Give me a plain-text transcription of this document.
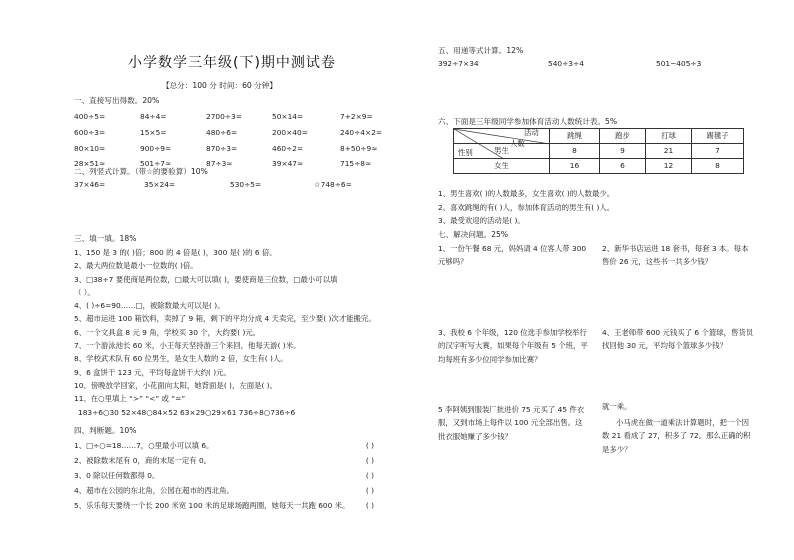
小学数学三年级(下)期中测试卷
【总分：100 分 时间：60 分钟】
一、直接写出得数。20%
400÷5=	84÷4=	2700÷3=	50×14=	7+2×9=
600÷3=	15×5=	480÷6=	200×40=	240÷4×2=
80×10=	900÷9=	870÷3=	460÷2=	8+50÷9≈
28×51≈	501÷7≈	87÷3≈	39×47≈	715÷8≈
二、列竖式计算。（带☆的要验算）10%
37×46=	35×24=	530÷5=	☆748÷6=
三、填一填。18%
1、150 是 3 的( )倍；800 的 4 倍是( )，300 是( )的 6 倍。
2、最大两位数是最小一位数的( )倍。
3、□38÷7 要使商是两位数，□最大可以填( )，要使商是三位数，□最小可以填
（ ）。
4、( )÷6=90……□，被除数最大可以是( )。
5、超市运进 100 箱饮料，卖掉了 9 箱，剩下的平均分成 4 天卖完，至少要( )次才能搬完。
6、一个文具盒 8 元 9 角，学校买 30 个，大约要( )元。
7、一个游泳池长 60 米，小王每天坚持游三个来回，他每天游( )米。
8、学校武术队有 60 位男生，是女生人数的 2 倍，女生有( )人。
9、6 盒饼干 123 元，平均每盒饼干大约( )元。
10、傍晚放学回家，小花面向太阳，她背面是( )，左面是( )。
11、在○里填上 “>” “<” 或 “=”
183÷6○30 52×48○84×52 63×29○29×61 736÷8○736÷6
四、判断题。10%
1、□÷○=18……7，○里最小可以填 6。	( )
2、被除数末尾有 0，商的末尾一定有 0。	( )
3、0 除以任何数都得 0。	( )
4、超市在公园的东北角，公园在超市的西北角。	( )
5、乐乐每天要绕一个长 200 米宽 100 米的足球场跑两圈，她每天一共跑 600 米。	( )
五、用递等式计算。12%
392÷7×34	540÷3÷4	501−405÷3
六、下面是三年级同学参加体育活动人数统计表。5%
活动
人数
性别	跳绳	跑步	打球	踢毽子
男生	8	9	21	7
女生	16	6	12	8
1、男生喜欢( )的人数最多，女生喜欢( )的人数最少。
2、喜欢跳绳的有( )人，参加体育活动的男生有( )人。
3、最受欢迎的活动是( )。
七、解决问题。25%
1、一份午餐 68 元，妈妈请 4 位客人带 300 元够吗？
2、新华书店运进 18 套书，每套 3 本。每本售价 26 元，这些书一共多少钱？
3、我校 6 个年级，120 位选手参加学校举行的汉字听写大赛，如果每个年级有 5 个班，平均每班有多少位同学参加比赛？
4、王老师带 600 元钱买了 6 个篮球，售货员找回他 30 元，平均每个篮球多少钱？
5 李阿姨到服装厂批进价 75 元买了 45 件衣服，又到市场上每件以 100 元全部出售。这批衣服她赚了多少钱？
就一乘。
小马虎在做一道乘法计算题时，把一个因数 21 看成了 27，积多了 72。那么正确的积是多少？
